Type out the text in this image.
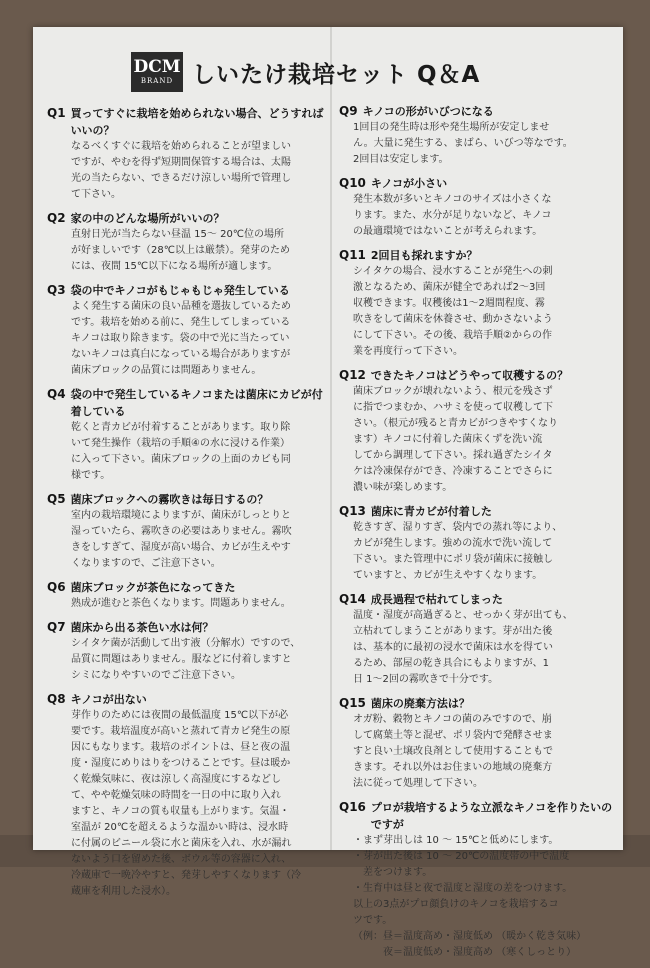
DCM
BRAND しいたけ栽培セット Q＆A
Q1 買ってすぐに栽培を始められない場合、どうすればいいの？
なるべくすぐに栽培を始められることが望ましい
ですが、やむを得ず短期間保管する場合は、太陽
光の当たらない、できるだけ涼しい場所で管理し
て下さい。
Q2 家の中のどんな場所がいいの？
直射日光が当たらない昼温 15～ 20℃位の場所
が好ましいです（28℃以上は厳禁）。発芽のため
には、夜間 15℃以下になる場所が適します。
Q3 袋の中でキノコがもじゃもじゃ発生している
よく発生する菌床の良い品種を選抜しているため
です。栽培を始める前に、発生してしまっている
キノコは取り除きます。袋の中で光に当たってい
ないキノコは真白になっている場合がありますが
菌床ブロックの品質には問題ありません。
Q4 袋の中で発生しているキノコまたは菌床にカビが付着している
乾くと青カビが付着することがあります。取り除
いて発生操作（栽培の手順④の水に浸ける作業）
に入って下さい。菌床ブロックの上面のカビも同
様です。
Q5 菌床ブロックへの霧吹きは毎日するの？
室内の栽培環境によりますが、菌床がしっとりと
湿っていたら、霧吹きの必要はありません。霧吹
きをしすぎて、湿度が高い場合、カビが生えやす
くなりますので、ご注意下さい。
Q6 菌床ブロックが茶色になってきた
熟成が進むと茶色くなります。問題ありません。
Q7 菌床から出る茶色い水は何？
シイタケ菌が活動して出す液（分解水）ですので、
品質に問題はありません。服などに付着しますと
シミになりやすいのでご注意下さい。
Q8 キノコが出ない
芽作りのためには夜間の最低温度 15℃以下が必
要です。栽培温度が高いと蒸れて青カビ発生の原
因にもなります。栽培のポイントは、昼と夜の温
度・湿度にめりはりをつけることです。昼は暖か
く乾燥気味に、夜は涼しく高湿度にするなどし
て、やや乾燥気味の時間を一日の中に取り入れ
ますと、キノコの質も収量も上がります。気温・
室温が 20℃を超えるような温かい時は、浸水時
に付属のビニール袋に水と菌床を入れ、水が漏れ
ないよう口を留めた後、ボウル等の容器に入れ、
冷蔵庫で一晩冷やすと、発芽しやすくなります（冷
蔵庫を利用した浸水）。
Q9 キノコの形がいびつになる
1回目の発生時は形や発生場所が安定しませ
ん。大量に発生する、まばら、いびつ等なです。
2回目は安定します。
Q10 キノコが小さい
発生本数が多いとキノコのサイズは小さくな
ります。また、水分が足りないなど、キノコ
の最適環境ではないことが考えられます。
Q11 2回目も採れますか？
シイタケの場合、浸水することが発生への刺
激となるため、菌床が健全であれば2～3回
収穫できます。収穫後は1～2週間程度、霧
吹きをして菌床を休養させ、動かさないよう
にして下さい。その後、栽培手順②からの作
業を再度行って下さい。
Q12 できたキノコはどうやって収穫するの？
菌床ブロックが壊れないよう、根元を残さず
に指でつまむか、ハサミを使って収穫して下
さい。（根元が残ると青カビがつきやすくなり
ます）キノコに付着した菌床くずを洗い流
してから調理して下さい。採れ過ぎたシイタ
ケは冷凍保存ができ、冷凍することでさらに
濃い味が楽しめます。
Q13 菌床に青カビが付着した
乾きすぎ、湿りすぎ、袋内での蒸れ等により、
カビが発生します。強めの流水で洗い流して
下さい。また管理中にポリ袋が菌床に接触し
ていますと、カビが生えやすくなります。
Q14 成長過程で枯れてしまった
温度・湿度が高過ぎると、せっかく芽が出ても、
立枯れてしまうことがあります。芽が出た後
は、基本的に最初の浸水で菌床は水を得てい
るため、部屋の乾き具合にもよりますが、1
日 1～2回の霧吹きで十分です。
Q15 菌床の廃棄方法は？
オガ粉、穀物とキノコの菌のみですので、崩
して腐葉土等と混ぜ、ポリ袋内で発酵させま
すと良い土壌改良剤として使用することもで
きます。それ以外はお住まいの地域の廃棄方
法に従って処理して下さい。
Q16 プロが栽培するような立派なキノコを作りたいのですが
・まず芽出しは 10 ～ 15℃と低めにします。
・芽が出た後は 10 ～ 20℃の温度帯の中で温度
　差をつけます。
・生育中は昼と夜で温度と湿度の差をつけます。
以上の3点がプロ顔負けのキノコを栽培するコ
ツです。
（例：昼＝温度高め・湿度低め （暖かく乾き気味）
　　　夜＝温度低め・湿度高め （寒くしっとり）
